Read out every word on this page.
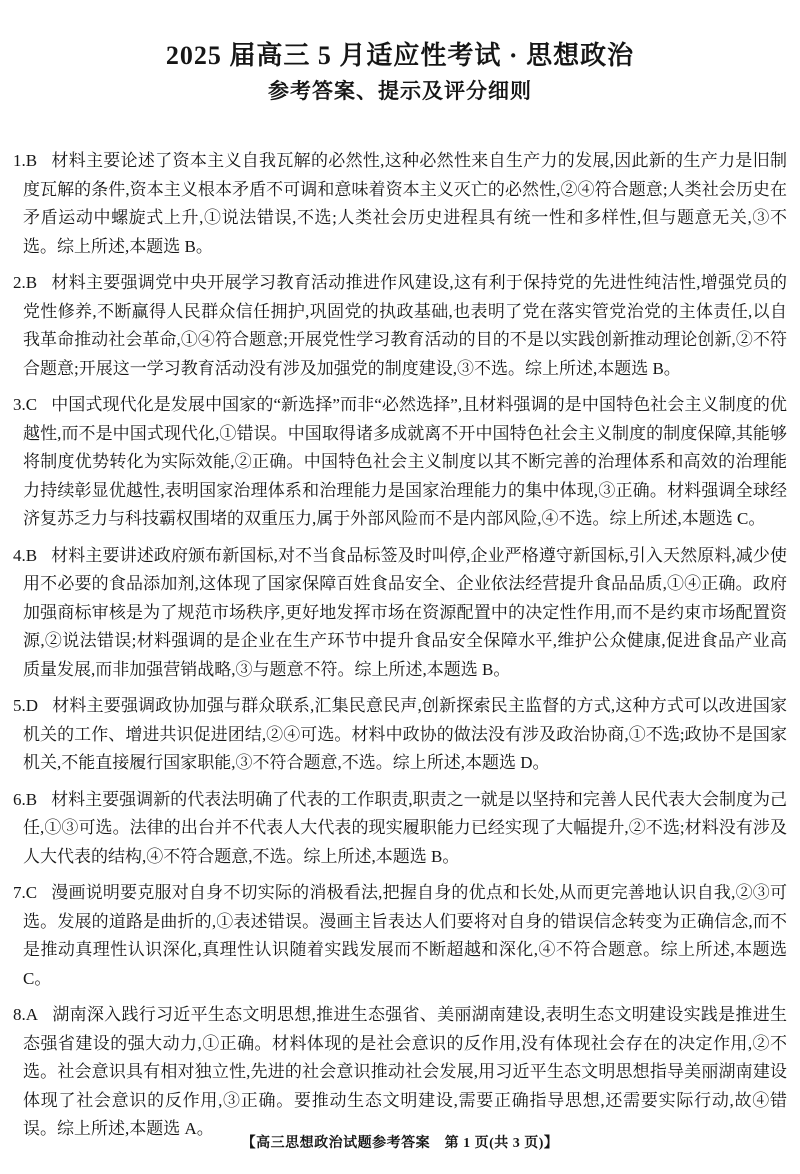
2025 届高三 5 月适应性考试 · 思想政治
参考答案、提示及评分细则

1.B 材料主要论述了资本主义自我瓦解的必然性,这种必然性来自生产力的发展,因此新的生产力是旧制度瓦解的条件,资本主义根本矛盾不可调和意味着资本主义灭亡的必然性,②④符合题意;人类社会历史在矛盾运动中螺旋式上升,①说法错误,不选;人类社会历史进程具有统一性和多样性,但与题意无关,③不选。综上所述,本题选 B。

2.B 材料主要强调党中央开展学习教育活动推进作风建设,这有利于保持党的先进性纯洁性,增强党员的党性修养,不断赢得人民群众信任拥护,巩固党的执政基础,也表明了党在落实管党治党的主体责任,以自我革命推动社会革命,①④符合题意;开展党性学习教育活动的目的不是以实践创新推动理论创新,②不符合题意;开展这一学习教育活动没有涉及加强党的制度建设,③不选。综上所述,本题选 B。

3.C 中国式现代化是发展中国家的“新选择”而非“必然选择”,且材料强调的是中国特色社会主义制度的优越性,而不是中国式现代化,①错误。中国取得诸多成就离不开中国特色社会主义制度的制度保障,其能够将制度优势转化为实际效能,②正确。中国特色社会主义制度以其不断完善的治理体系和高效的治理能力持续彰显优越性,表明国家治理体系和治理能力是国家治理能力的集中体现,③正确。材料强调全球经济复苏乏力与科技霸权围堵的双重压力,属于外部风险而不是内部风险,④不选。综上所述,本题选 C。

4.B 材料主要讲述政府颁布新国标,对不当食品标签及时叫停,企业严格遵守新国标,引入天然原料,减少使用不必要的食品添加剂,这体现了国家保障百姓食品安全、企业依法经营提升食品品质,①④正确。政府加强商标审核是为了规范市场秩序,更好地发挥市场在资源配置中的决定性作用,而不是约束市场配置资源,②说法错误;材料强调的是企业在生产环节中提升食品安全保障水平,维护公众健康,促进食品产业高质量发展,而非加强营销战略,③与题意不符。综上所述,本题选 B。

5.D 材料主要强调政协加强与群众联系,汇集民意民声,创新探索民主监督的方式,这种方式可以改进国家机关的工作、增进共识促进团结,②④可选。材料中政协的做法没有涉及政治协商,①不选;政协不是国家机关,不能直接履行国家职能,③不符合题意,不选。综上所述,本题选 D。

6.B 材料主要强调新的代表法明确了代表的工作职责,职责之一就是以坚持和完善人民代表大会制度为己任,①③可选。法律的出台并不代表人大代表的现实履职能力已经实现了大幅提升,②不选;材料没有涉及人大代表的结构,④不符合题意,不选。综上所述,本题选 B。

7.C 漫画说明要克服对自身不切实际的消极看法,把握自身的优点和长处,从而更完善地认识自我,②③可选。发展的道路是曲折的,①表述错误。漫画主旨表达人们要将对自身的错误信念转变为正确信念,而不是推动真理性认识深化,真理性认识随着实践发展而不断超越和深化,④不符合题意。综上所述,本题选 C。

8.A 湖南深入践行习近平生态文明思想,推进生态强省、美丽湖南建设,表明生态文明建设实践是推进生态强省建设的强大动力,①正确。材料体现的是社会意识的反作用,没有体现社会存在的决定作用,②不选。社会意识具有相对独立性,先进的社会意识推动社会发展,用习近平生态文明思想指导美丽湖南建设体现了社会意识的反作用,③正确。要推动生态文明建设,需要正确指导思想,还需要实际行动,故④错误。综上所述,本题选 A。

【高三思想政治试题参考答案　第 1 页(共 3 页)】
